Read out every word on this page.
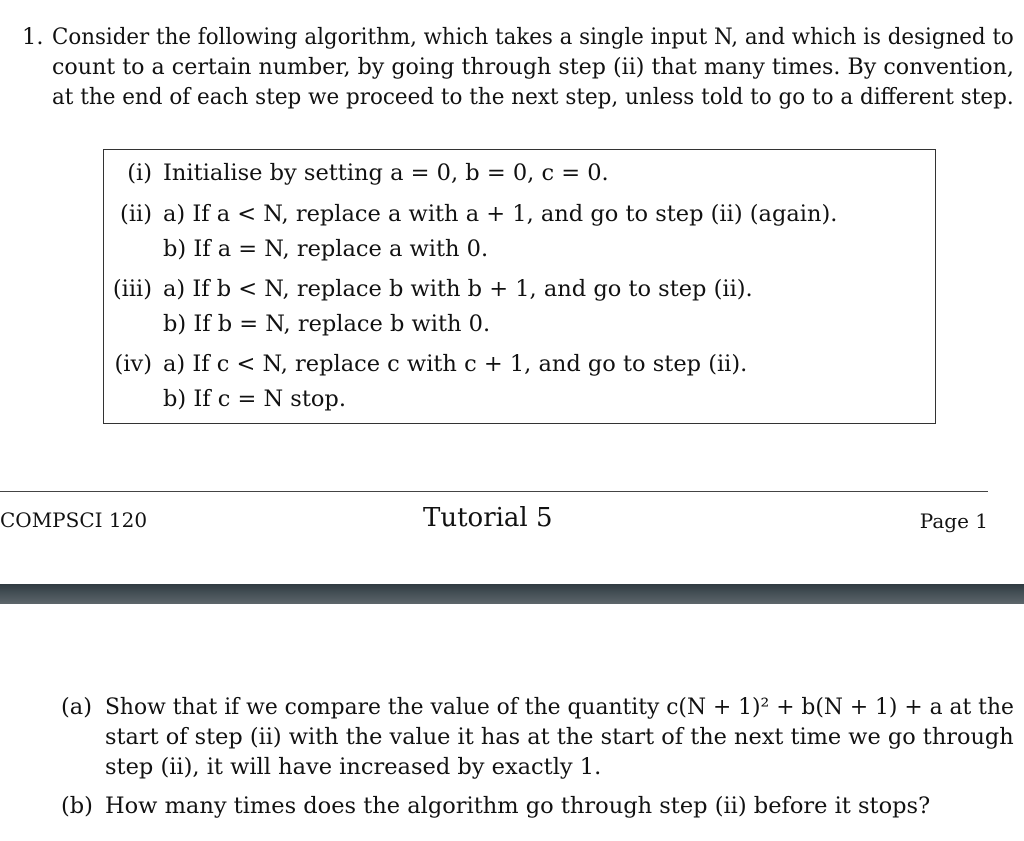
1. Consider the following algorithm, which takes a single input N, and which is designed to
count to a certain number, by going through step (ii) that many times. By convention,
at the end of each step we proceed to the next step, unless told to go to a different step.
(i) Initialise by setting a = 0, b = 0, c = 0.
(ii) a) If a < N, replace a with a + 1, and go to step (ii) (again).
b) If a = N, replace a with 0.
(iii) a) If b < N, replace b with b + 1, and go to step (ii).
b) If b = N, replace b with 0.
(iv) a) If c < N, replace c with c + 1, and go to step (ii).
b) If c = N stop.
COMPSCI 120	Tutorial 5	Page 1
(a) Show that if we compare the value of the quantity c(N + 1)² + b(N + 1) + a at the
start of step (ii) with the value it has at the start of the next time we go through
step (ii), it will have increased by exactly 1.
(b) How many times does the algorithm go through step (ii) before it stops?
